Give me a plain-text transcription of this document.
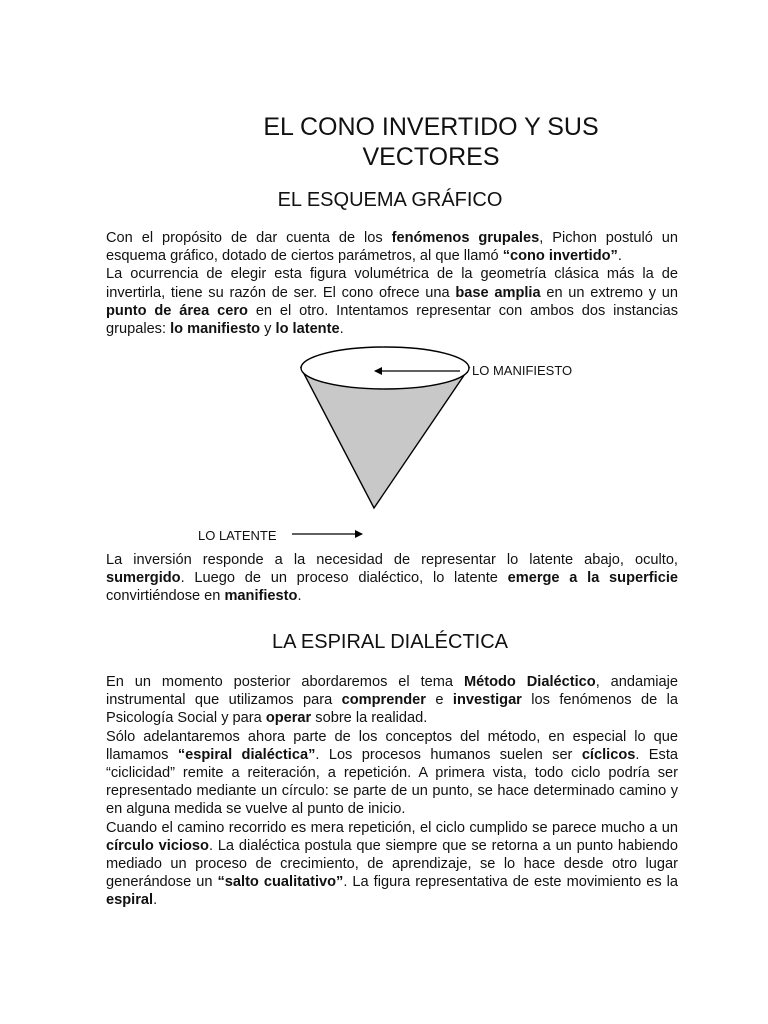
EL CONO INVERTIDO Y SUS
VECTORES
EL ESQUEMA GRÁFICO

Con el propósito de dar cuenta de los fenómenos grupales, Pichon postuló un esquema gráfico, dotado de ciertos parámetros, al que llamó “cono invertido”.
La ocurrencia de elegir esta figura volumétrica de la geometría clásica más la de invertirla, tiene su razón de ser. El cono ofrece una base amplia en un extremo y un punto de área cero en el otro. Intentamos representar con ambos dos instancias grupales: lo manifiesto y lo latente.

LO MANIFIESTO
LO LATENTE

La inversión responde a la necesidad de representar lo latente abajo, oculto, sumergido. Luego de un proceso dialéctico, lo latente emerge a la superficie convirtiéndose en manifiesto.

LA ESPIRAL DIALÉCTICA

En un momento posterior abordaremos el tema Método Dialéctico, andamiaje instrumental que utilizamos para comprender e investigar los fenómenos de la Psicología Social y para operar sobre la realidad.
Sólo adelantaremos ahora parte de los conceptos del método, en especial lo que llamamos “espiral dialéctica”. Los procesos humanos suelen ser cíclicos. Esta “ciclicidad” remite a reiteración, a repetición. A primera vista, todo ciclo podría ser representado mediante un círculo: se parte de un punto, se hace determinado camino y en alguna medida se vuelve al punto de inicio.
Cuando el camino recorrido es mera repetición, el ciclo cumplido se parece mucho a un círculo vicioso. La dialéctica postula que siempre que se retorna a un punto habiendo mediado un proceso de crecimiento, de aprendizaje, se lo hace desde otro lugar generándose un “salto cualitativo”. La figura representativa de este movimiento es la espiral.
